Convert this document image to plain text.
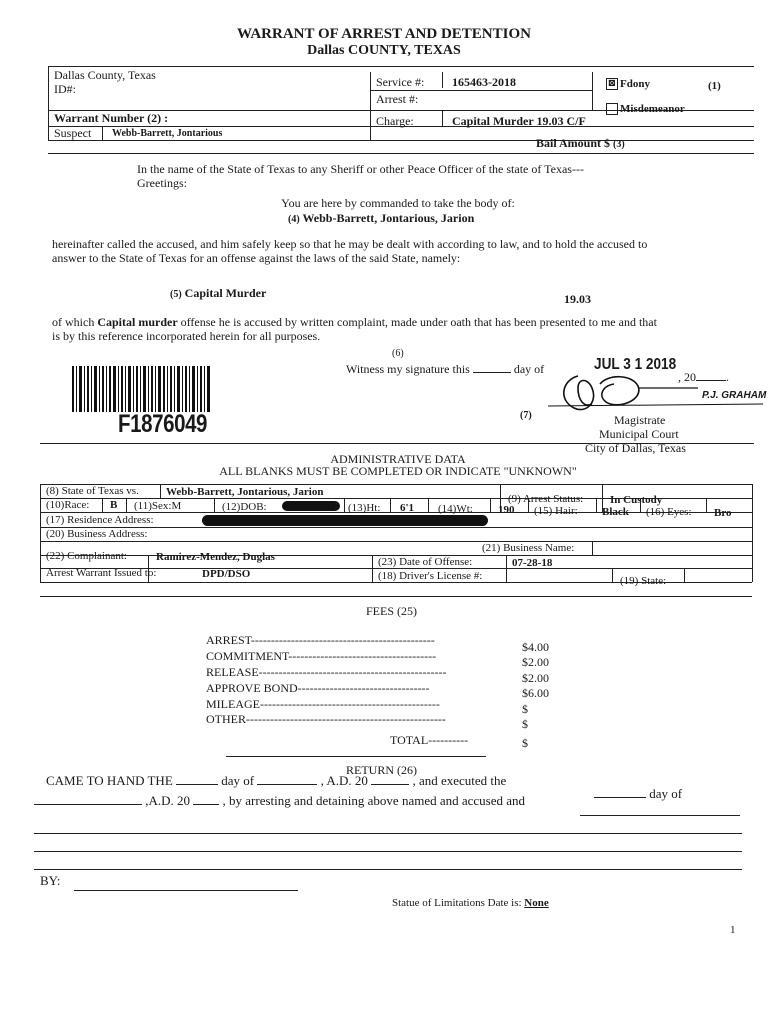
WARRANT OF ARREST AND DETENTION
Dallas COUNTY, TEXAS
Dallas County, Texas
ID#:	Service #: 165463-2018
Arrest #:
⊠ Fdony	(1)
Misdemeanor
Warrant Number (2) :	Charge:	Capital Murder 19.03 C/F
Suspect Webb-Barrett, Jontarious
Bail Amount $ (3)
In the name of the State of Texas to any Sheriff or other Peace Officer of the state of Texas---
Greetings:
You are here by commanded to take the body of:
(4) Webb-Barrett, Jontarious, Jarion
hereinafter called the accused, and him safely keep so that he may be dealt with according to law, and to hold the accused to
answer to the State of Texas for an offense against the laws of the said State, namely:
(5) Capital Murder	19.03
of which Capital murder offense he is accused by written complaint, made under oath that has been presented to me and that
is by this reference incorporated herein for all purposes.
F1876049
(6)
Witness my signature this	day of	JUL 3 1 2018
, 20	.
P.J. GRAHAM
(7)	Magistrate
Municipal Court
City of Dallas, Texas
ADMINISTRATIVE DATA
ALL BLANKS MUST BE COMPLETED OR INDICATE "UNKNOWN"
(8) State of Texas vs. Webb-Barrett, Jontarious, Jarion
(9) Arrest Status: In Custody
(10)Race: B (11)Sex:M	(12)DOB:	(13)Ht: 6'1 (14)Wt: 190 (15) Hair: Black (16) Eyes: Bro
(17) Residence Address:
(20) Business Address:
(21) Business Name:
(22) Complainant:	Ramirez-Mendez, Duglas	(23) Date of Offense:	07-28-18
Arrest Warrant Issued to:	DPD/DSO	(18) Driver's License #:	(19) State:
FEES (25)
ARREST----------------------------------------------	$4.00
COMMITMENT-------------------------------------	$2.00
RELEASE-----------------------------------------------	$2.00
APPROVE BOND---------------------------------	$6.00
MILEAGE---------------------------------------------	$
OTHER--------------------------------------------------	$
TOTAL----------	$
RETURN (26)
CAME TO HAND THE	day of	, A.D. 20	, and executed the
day of
,A.D. 20	, by arresting and detaining above named and accused and
BY:
Statue of Limitations Date is: None
1
